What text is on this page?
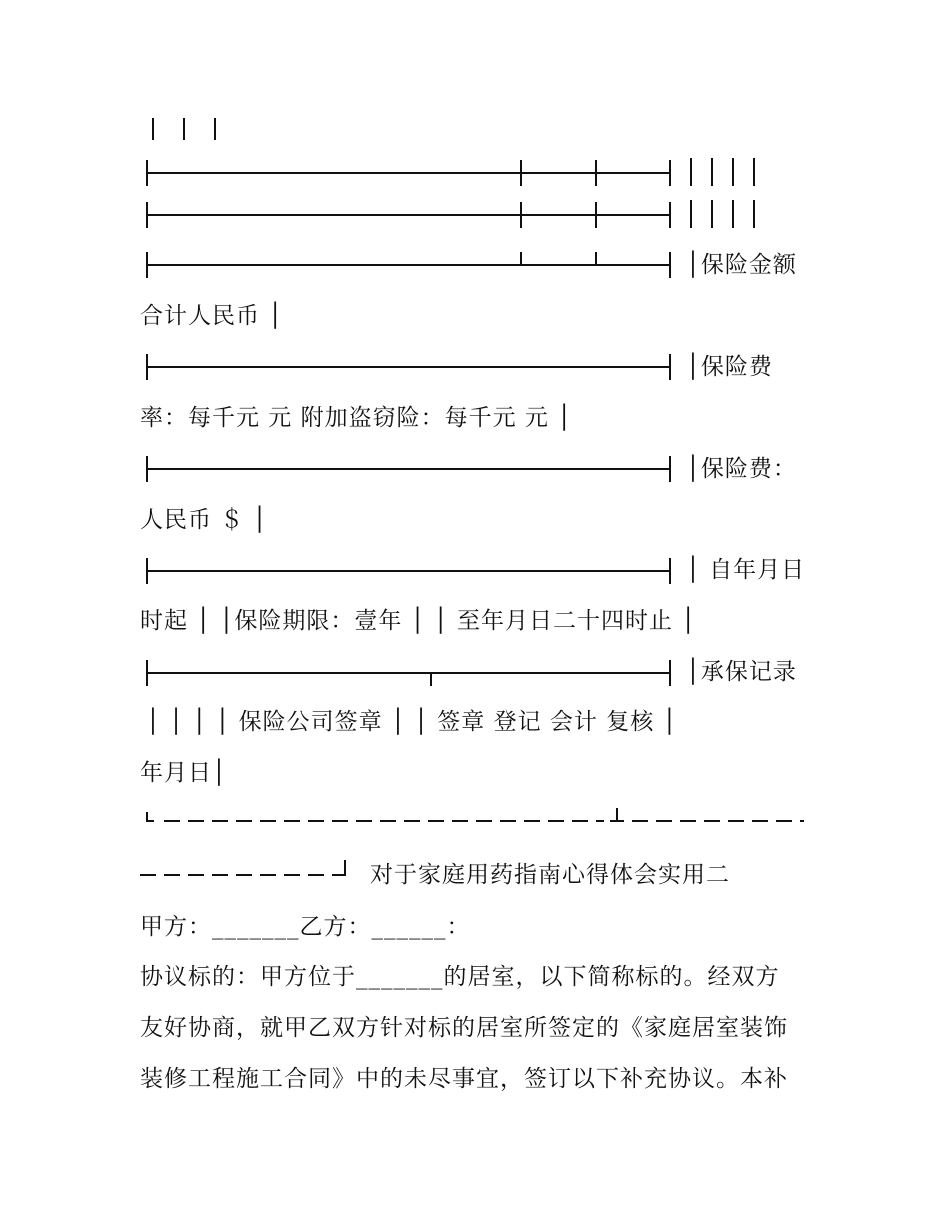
│保险金额
合计人民币 │
│保险费
率：每千元 元 附加盗窃险：每千元 元 │
│保险费：
人民币 ＄ │
│ 自年月日
时起 │ │保险期限：壹年 │ │ 至年月日二十四时止 │
│承保记录
│ │ │ │ 保险公司签章 │ │ 签章 登记 会计 复核 │
年月日│
对于家庭用药指南心得体会实用二
甲方：_______乙方：______：
协议标的：甲方位于_______的居室，以下简称标的。经双方
友好协商，就甲乙双方针对标的居室所签定的《家庭居室装饰
装修工程施工合同》中的未尽事宜，签订以下补充协议。本补
